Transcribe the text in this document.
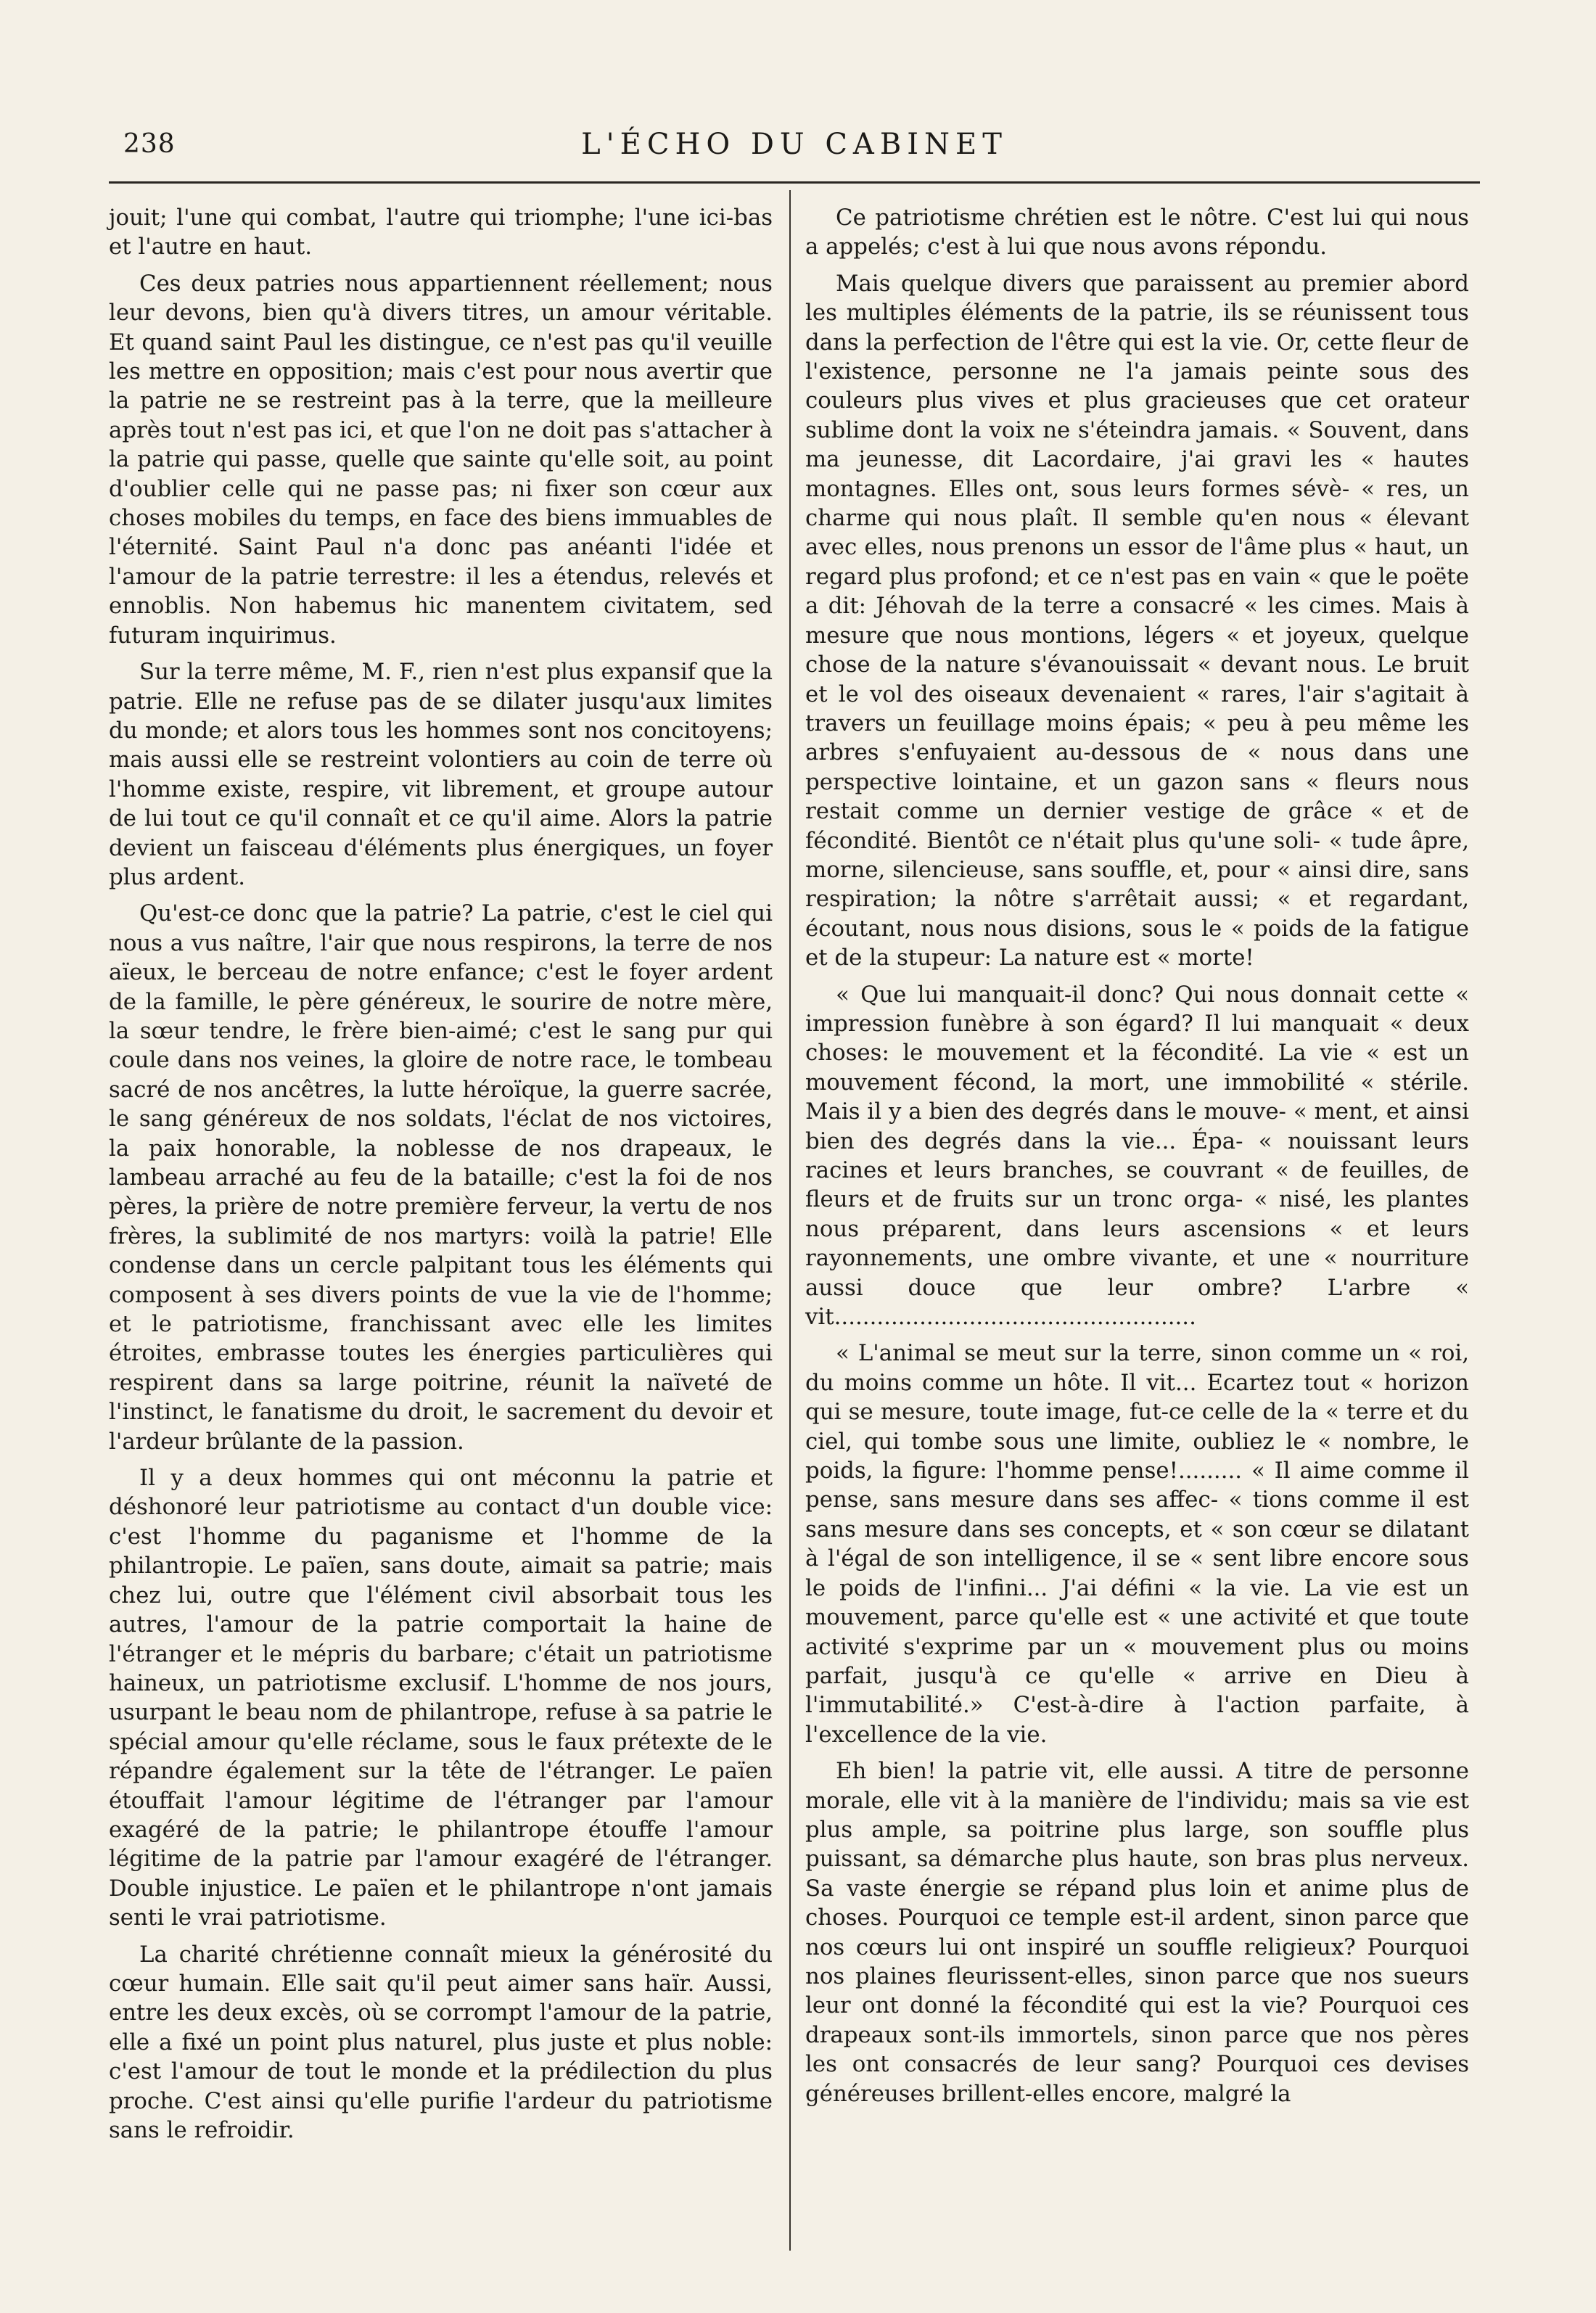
238	L'ÉCHO DU CABINET

jouit; l'une qui combat, l'autre qui triomphe; l'une ici-bas et l'autre en haut.

Ces deux patries nous appartiennent réellement; nous leur devons, bien qu'à divers titres, un amour véritable. Et quand saint Paul les distingue, ce n'est pas qu'il veuille les mettre en opposition; mais c'est pour nous avertir que la patrie ne se restreint pas à la terre, que la meilleure après tout n'est pas ici, et que l'on ne doit pas s'attacher à la patrie qui passe, quelle que sainte qu'elle soit, au point d'oublier celle qui ne passe pas; ni fixer son cœur aux choses mobiles du temps, en face des biens immuables de l'éternité. Saint Paul n'a donc pas anéanti l'idée et l'amour de la patrie terrestre: il les a étendus, relevés et ennoblis. Non habemus hic manentem civitatem, sed futuram inquirimus.

Sur la terre même, M. F., rien n'est plus expansif que la patrie. Elle ne refuse pas de se dilater jusqu'aux limites du monde; et alors tous les hommes sont nos concitoyens; mais aussi elle se restreint volontiers au coin de terre où l'homme existe, respire, vit librement, et groupe autour de lui tout ce qu'il connaît et ce qu'il aime. Alors la patrie devient un faisceau d'éléments plus énergiques, un foyer plus ardent.

Qu'est-ce donc que la patrie? La patrie, c'est le ciel qui nous a vus naître, l'air que nous respirons, la terre de nos aïeux, le berceau de notre enfance; c'est le foyer ardent de la famille, le père généreux, le sourire de notre mère, la sœur tendre, le frère bien-aimé; c'est le sang pur qui coule dans nos veines, la gloire de notre race, le tombeau sacré de nos ancêtres, la lutte héroïque, la guerre sacrée, le sang généreux de nos soldats, l'éclat de nos victoires, la paix honorable, la noblesse de nos drapeaux, le lambeau arraché au feu de la bataille; c'est la foi de nos pères, la prière de notre première ferveur, la vertu de nos frères, la sublimité de nos martyrs: voilà la patrie! Elle condense dans un cercle palpitant tous les éléments qui composent à ses divers points de vue la vie de l'homme; et le patriotisme, franchissant avec elle les limites étroites, embrasse toutes les énergies particulières qui respirent dans sa large poitrine, réunit la naïveté de l'instinct, le fanatisme du droit, le sacrement du devoir et l'ardeur brûlante de la passion.

Il y a deux hommes qui ont méconnu la patrie et déshonoré leur patriotisme au contact d'un double vice: c'est l'homme du paganisme et l'homme de la philantropie. Le païen, sans doute, aimait sa patrie; mais chez lui, outre que l'élément civil absorbait tous les autres, l'amour de la patrie comportait la haine de l'étranger et le mépris du barbare; c'était un patriotisme haineux, un patriotisme exclusif. L'homme de nos jours, usurpant le beau nom de philantrope, refuse à sa patrie le spécial amour qu'elle réclame, sous le faux prétexte de le répandre également sur la tête de l'étranger. Le païen étouffait l'amour légitime de l'étranger par l'amour exagéré de la patrie; le philantrope étouffe l'amour légitime de la patrie par l'amour exagéré de l'étranger. Double injustice. Le païen et le philantrope n'ont jamais senti le vrai patriotisme.

La charité chrétienne connaît mieux la générosité du cœur humain. Elle sait qu'il peut aimer sans haïr. Aussi, entre les deux excès, où se corrompt l'amour de la patrie, elle a fixé un point plus naturel, plus juste et plus noble: c'est l'amour de tout le monde et la prédilection du plus proche. C'est ainsi qu'elle purifie l'ardeur du patriotisme sans le refroidir.

Ce patriotisme chrétien est le nôtre. C'est lui qui nous a appelés; c'est à lui que nous avons répondu.

Mais quelque divers que paraissent au premier abord les multiples éléments de la patrie, ils se réunissent tous dans la perfection de l'être qui est la vie. Or, cette fleur de l'existence, personne ne l'a jamais peinte sous des couleurs plus vives et plus gracieuses que cet orateur sublime dont la voix ne s'éteindra jamais. « Souvent, dans ma jeunesse, dit Lacordaire, j'ai gravi les « hautes montagnes. Elles ont, sous leurs formes sévè- « res, un charme qui nous plaît. Il semble qu'en nous « élevant avec elles, nous prenons un essor de l'âme plus « haut, un regard plus profond; et ce n'est pas en vain « que le poëte a dit: Jéhovah de la terre a consacré « les cimes. Mais à mesure que nous montions, légers « et joyeux, quelque chose de la nature s'évanouissait « devant nous. Le bruit et le vol des oiseaux devenaient « rares, l'air s'agitait à travers un feuillage moins épais; « peu à peu même les arbres s'enfuyaient au-dessous de « nous dans une perspective lointaine, et un gazon sans « fleurs nous restait comme un dernier vestige de grâce « et de fécondité. Bientôt ce n'était plus qu'une soli- « tude âpre, morne, silencieuse, sans souffle, et, pour « ainsi dire, sans respiration; la nôtre s'arrêtait aussi; « et regardant, écoutant, nous nous disions, sous le « poids de la fatigue et de la stupeur: La nature est « morte!

« Que lui manquait-il donc? Qui nous donnait cette « impression funèbre à son égard? Il lui manquait « deux choses: le mouvement et la fécondité. La vie « est un mouvement fécond, la mort, une immobilité « stérile. Mais il y a bien des degrés dans le mouve- « ment, et ainsi bien des degrés dans la vie... Épa- « nouissant leurs racines et leurs branches, se couvrant « de feuilles, de fleurs et de fruits sur un tronc orga- « nisé, les plantes nous préparent, dans leurs ascensions « et leurs rayonnements, une ombre vivante, et une « nourriture aussi douce que leur ombre? L'arbre « vit...................................................

« L'animal se meut sur la terre, sinon comme un « roi, du moins comme un hôte. Il vit... Ecartez tout « horizon qui se mesure, toute image, fut-ce celle de la « terre et du ciel, qui tombe sous une limite, oubliez le « nombre, le poids, la figure: l'homme pense!......... « Il aime comme il pense, sans mesure dans ses affec- « tions comme il est sans mesure dans ses concepts, et « son cœur se dilatant à l'égal de son intelligence, il se « sent libre encore sous le poids de l'infini... J'ai défini « la vie. La vie est un mouvement, parce qu'elle est « une activité et que toute activité s'exprime par un « mouvement plus ou moins parfait, jusqu'à ce qu'elle « arrive en Dieu à l'immutabilité.» C'est-à-dire à l'action parfaite, à l'excellence de la vie.

Eh bien! la patrie vit, elle aussi. A titre de personne morale, elle vit à la manière de l'individu; mais sa vie est plus ample, sa poitrine plus large, son souffle plus puissant, sa démarche plus haute, son bras plus nerveux. Sa vaste énergie se répand plus loin et anime plus de choses. Pourquoi ce temple est-il ardent, sinon parce que nos cœurs lui ont inspiré un souffle religieux? Pourquoi nos plaines fleurissent-elles, sinon parce que nos sueurs leur ont donné la fécondité qui est la vie? Pourquoi ces drapeaux sont-ils immortels, sinon parce que nos pères les ont consacrés de leur sang? Pourquoi ces devises généreuses brillent-elles encore, malgré la
